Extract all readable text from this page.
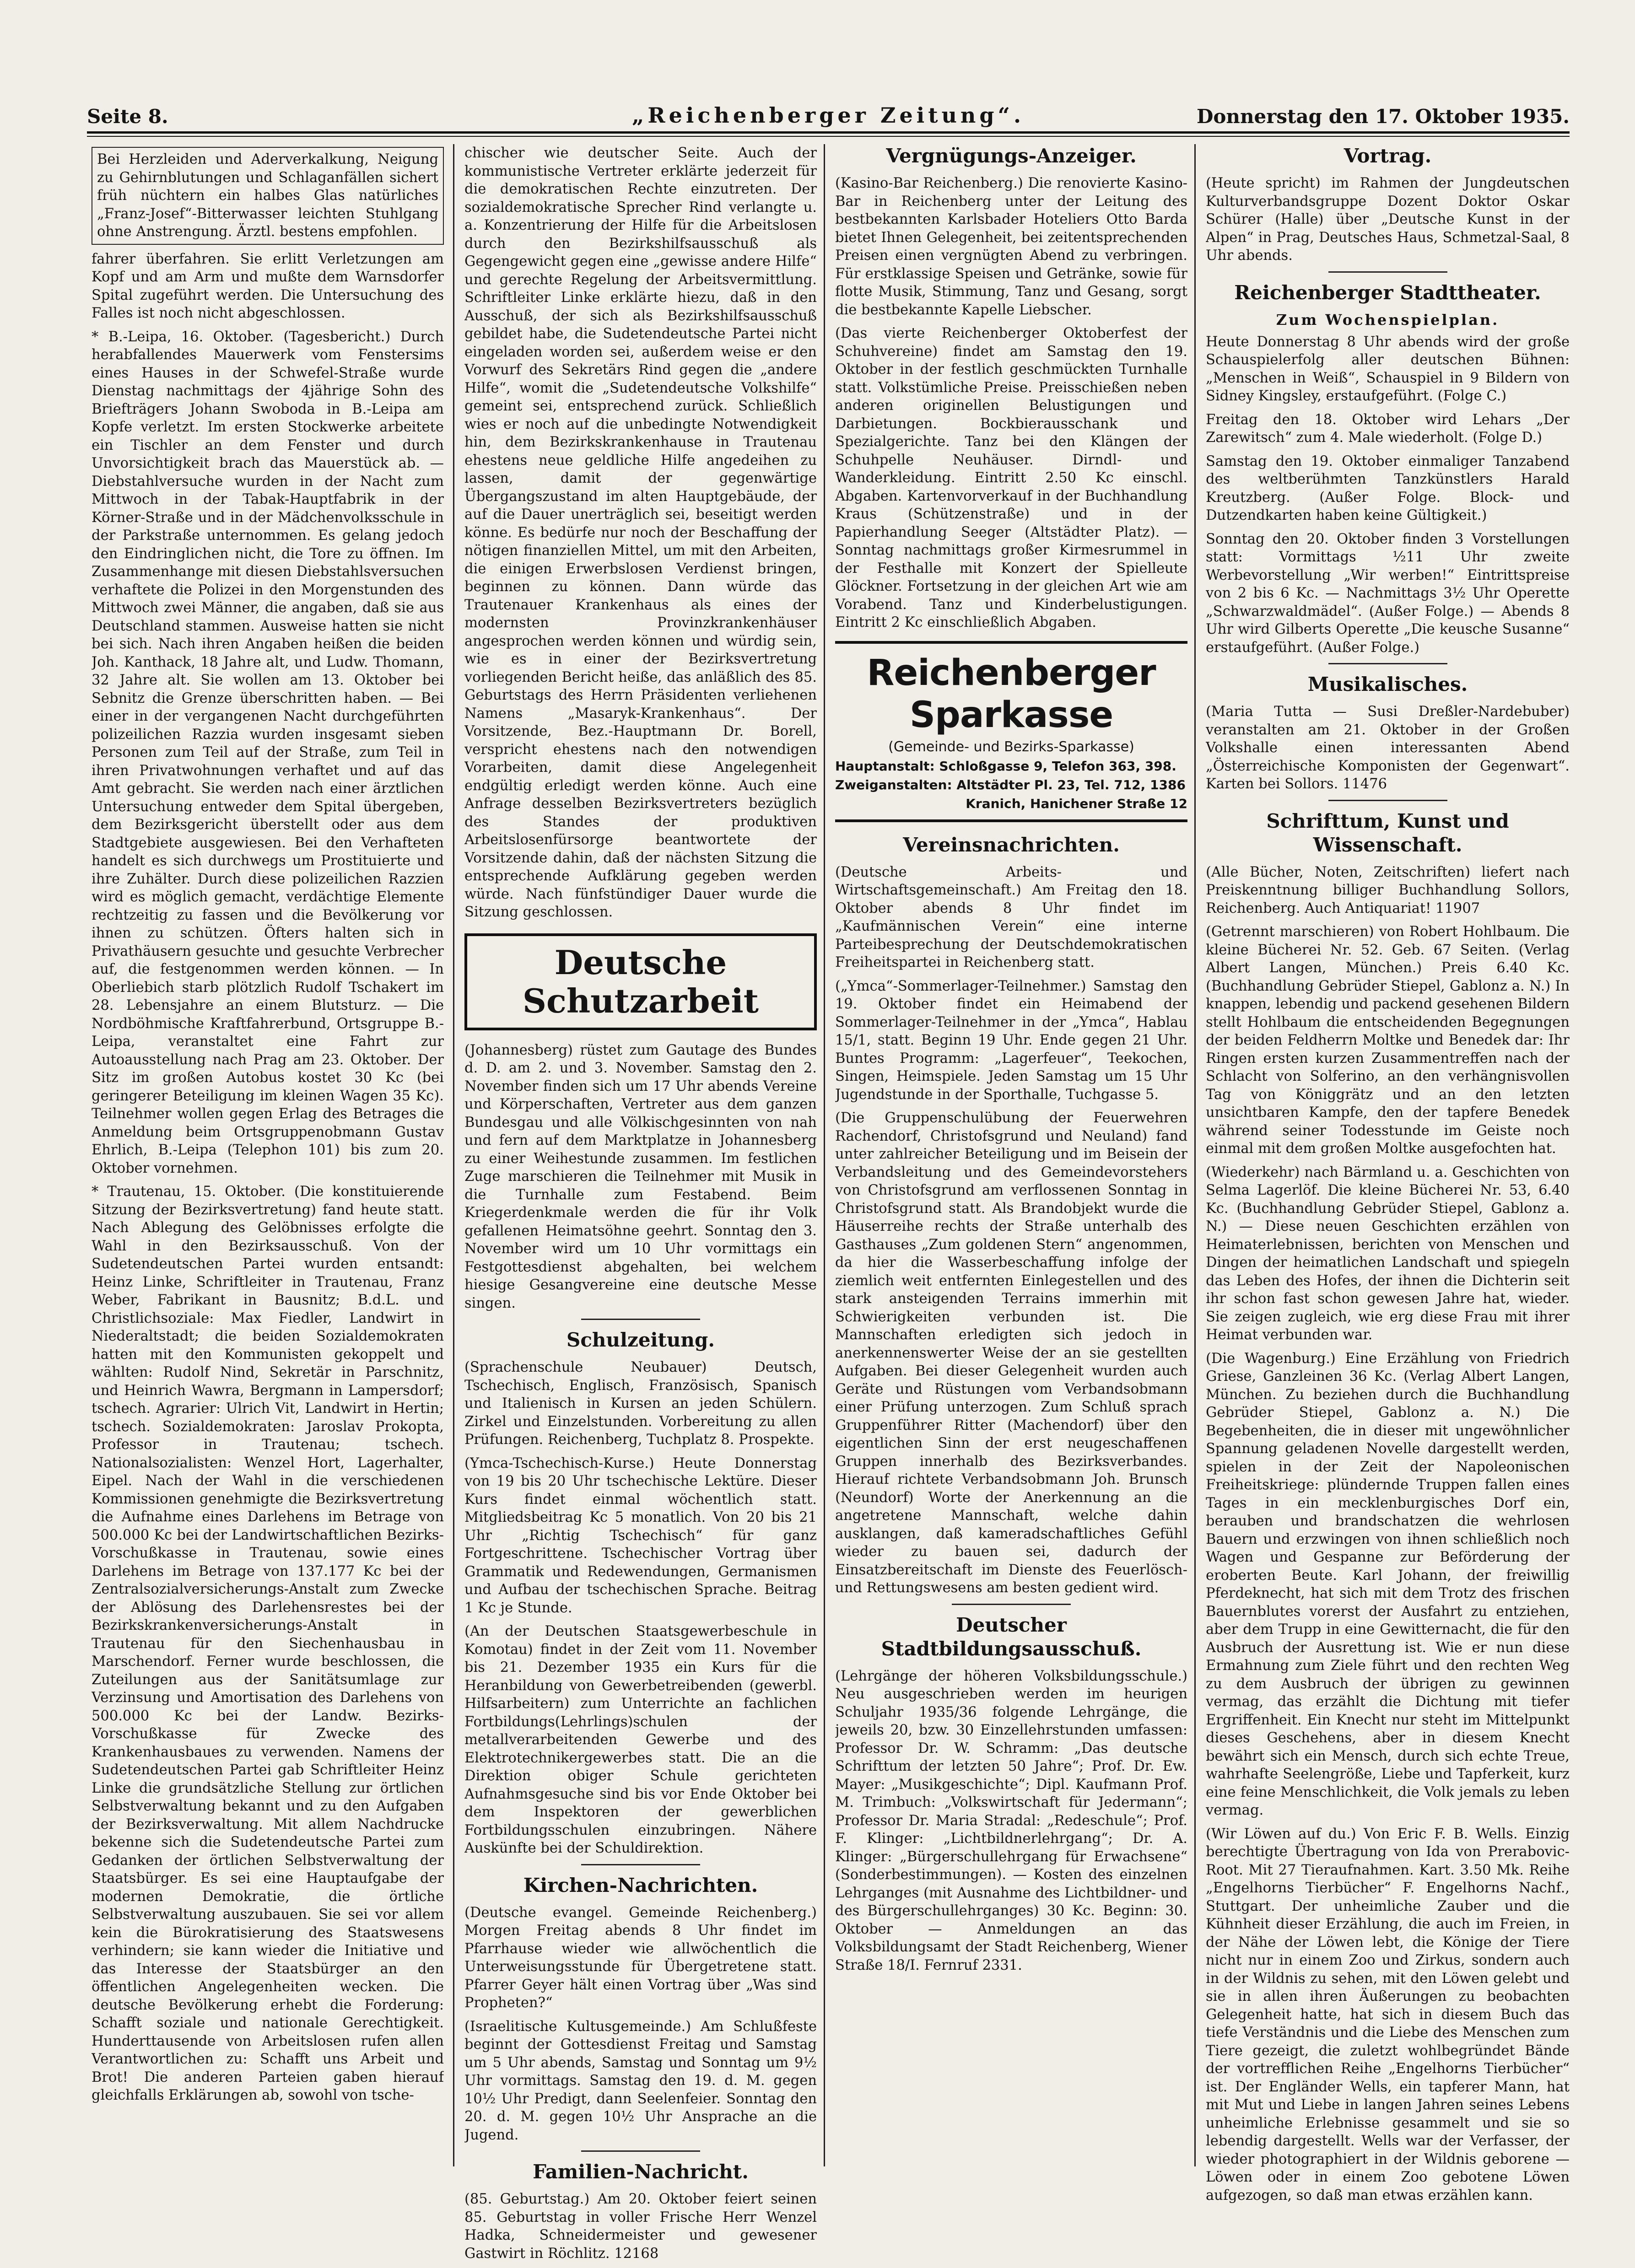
Seite 8.	„Reichenberger Zeitung“.	Donnerstag den 17. Oktober 1935.

Bei Herzleiden und Aderverkalkung, Neigung zu Gehirnblutungen und Schlaganfällen sichert früh nüchtern ein halbes Glas natürliches „Franz-Josef“-Bitterwasser leichten Stuhlgang ohne Anstrengung. Ärztl. bestens empfohlen.

fahrer überfahren. Sie erlitt Verletzungen am Kopf und am Arm und mußte dem Warnsdorfer Spital zugeführt werden. Die Untersuchung des Falles ist noch nicht abgeschlossen.

* B.-Leipa, 16. Oktober. (Tagesbericht.) Durch herabfallendes Mauerwerk vom Fenstersims eines Hauses in der Schwefel-Straße wurde Dienstag nachmittags der 4jährige Sohn des Briefträgers Johann Swoboda in B.-Leipa am Kopfe verletzt. Im ersten Stockwerke arbeitete ein Tischler an dem Fenster und durch Unvorsichtigkeit brach das Mauerstück ab. — Diebstahlversuche wurden in der Nacht zum Mittwoch in der Tabak-Hauptfabrik in der Körner-Straße und in der Mädchenvolksschule in der Parkstraße unternommen. Es gelang jedoch den Eindringlichen nicht, die Tore zu öffnen. Im Zusammenhange mit diesen Diebstahlsversuchen verhaftete die Polizei in den Morgenstunden des Mittwoch zwei Männer, die angaben, daß sie aus Deutschland stammen. Ausweise hatten sie nicht bei sich. Nach ihren Angaben heißen die beiden Joh. Kanthack, 18 Jahre alt, und Ludw. Thomann, 32 Jahre alt. Sie wollen am 13. Oktober bei Sebnitz die Grenze überschritten haben. — Bei einer in der vergangenen Nacht durchgeführten polizeilichen Razzia wurden insgesamt sieben Personen zum Teil auf der Straße, zum Teil in ihren Privatwohnungen verhaftet und auf das Amt gebracht. Sie werden nach einer ärztlichen Untersuchung entweder dem Spital übergeben, dem Bezirksgericht überstellt oder aus dem Stadtgebiete ausgewiesen. Bei den Verhafteten handelt es sich durchwegs um Prostituierte und ihre Zuhälter. Durch diese polizeilichen Razzien wird es möglich gemacht, verdächtige Elemente rechtzeitig zu fassen und die Bevölkerung vor ihnen zu schützen. Öfters halten sich in Privathäusern gesuchte und gesuchte Verbrecher auf, die festgenommen werden können. — In Oberliebich starb plötzlich Rudolf Tschakert im 28. Lebensjahre an einem Blutsturz. — Die Nordböhmische Kraftfahrerbund, Ortsgruppe B.-Leipa, veranstaltet eine Fahrt zur Autoausstellung nach Prag am 23. Oktober. Der Sitz im großen Autobus kostet 30 Kc (bei geringerer Beteiligung im kleinen Wagen 35 Kc). Teilnehmer wollen gegen Erlag des Betrages die Anmeldung beim Ortsgruppenobmann Gustav Ehrlich, B.-Leipa (Telephon 101) bis zum 20. Oktober vornehmen.

* Trautenau, 15. Oktober. (Die konstituierende Sitzung der Bezirksvertretung) fand heute statt. Nach Ablegung des Gelöbnisses erfolgte die Wahl in den Bezirksausschuß. Von der Sudetendeutschen Partei wurden entsandt: Heinz Linke, Schriftleiter in Trautenau, Franz Weber, Fabrikant in Bausnitz; B.d.L. und Christlichsoziale: Max Fiedler, Landwirt in Niederaltstadt; die beiden Sozialdemokraten hatten mit den Kommunisten gekoppelt und wählten: Rudolf Nind, Sekretär in Parschnitz, und Heinrich Wawra, Bergmann in Lampersdorf; tschech. Agrarier: Ulrich Vit, Landwirt in Hertin; tschech. Sozialdemokraten: Jaroslav Prokopta, Professor in Trautenau; tschech. Nationalsozialisten: Wenzel Hort, Lagerhalter, Eipel. Nach der Wahl in die verschiedenen Kommissionen genehmigte die Bezirksvertretung die Aufnahme eines Darlehens im Betrage von 500.000 Kc bei der Landwirtschaftlichen Bezirks-Vorschußkasse in Trautenau, sowie eines Darlehens im Betrage von 137.177 Kc bei der Zentralsozialversicherungs-Anstalt zum Zwecke der Ablösung des Darlehensrestes bei der Bezirkskrankenversicherungs-Anstalt in Trautenau für den Siechenhausbau in Marschendorf. Ferner wurde beschlossen, die Zuteilungen aus der Sanitätsumlage zur Verzinsung und Amortisation des Darlehens von 500.000 Kc bei der Landw. Bezirks-Vorschußkasse für Zwecke des Krankenhausbaues zu verwenden. Namens der Sudetendeutschen Partei gab Schriftleiter Heinz Linke die grundsätzliche Stellung zur örtlichen Selbstverwaltung bekannt und zu den Aufgaben der Bezirksverwaltung. Mit allem Nachdrucke bekenne sich die Sudetendeutsche Partei zum Gedanken der örtlichen Selbstverwaltung der Staatsbürger. Es sei eine Hauptaufgabe der modernen Demokratie, die örtliche Selbstverwaltung auszubauen. Sie sei vor allem kein die Bürokratisierung des Staatswesens verhindern; sie kann wieder die Initiative und das Interesse der Staatsbürger an den öffentlichen Angelegenheiten wecken. Die deutsche Bevölkerung erhebt die Forderung: Schafft soziale und nationale Gerechtigkeit. Hunderttausende von Arbeitslosen rufen allen Verantwortlichen zu: Schafft uns Arbeit und Brot! Die anderen Parteien gaben hierauf gleichfalls Erklärungen ab, sowohl von tsche-

chischer wie deutscher Seite. Auch der kommunistische Vertreter erklärte jederzeit für die demokratischen Rechte einzutreten. Der sozialdemokratische Sprecher Rind verlangte u. a. Konzentrierung der Hilfe für die Arbeitslosen durch den Bezirkshilfsausschuß als Gegengewicht gegen eine „gewisse andere Hilfe“ und gerechte Regelung der Arbeitsvermittlung. Schriftleiter Linke erklärte hiezu, daß in den Ausschuß, der sich als Bezirkshilfsausschuß gebildet habe, die Sudetendeutsche Partei nicht eingeladen worden sei, außerdem weise er den Vorwurf des Sekretärs Rind gegen die „andere Hilfe“, womit die „Sudetendeutsche Volkshilfe“ gemeint sei, entsprechend zurück. Schließlich wies er noch auf die unbedingte Notwendigkeit hin, dem Bezirkskrankenhause in Trautenau ehestens neue geldliche Hilfe angedeihen zu lassen, damit der gegenwärtige Übergangszustand im alten Hauptgebäude, der auf die Dauer unerträglich sei, beseitigt werden könne. Es bedürfe nur noch der Beschaffung der nötigen finanziellen Mittel, um mit den Arbeiten, die einigen Erwerbslosen Verdienst bringen, beginnen zu können. Dann würde das Trautenauer Krankenhaus als eines der modernsten Provinzkrankenhäuser angesprochen werden können und würdig sein, wie es in einer der Bezirksvertretung vorliegenden Bericht heiße, das anläßlich des 85. Geburtstags des Herrn Präsidenten verliehenen Namens „Masaryk-Krankenhaus“. Der Vorsitzende, Bez.-Hauptmann Dr. Borell, verspricht ehestens nach den notwendigen Vorarbeiten, damit diese Angelegenheit endgültig erledigt werden könne. Auch eine Anfrage desselben Bezirksvertreters bezüglich des Standes der produktiven Arbeitslosenfürsorge beantwortete der Vorsitzende dahin, daß der nächsten Sitzung die entsprechende Aufklärung gegeben werden würde. Nach fünfstündiger Dauer wurde die Sitzung geschlossen.

Deutsche Schutzarbeit

(Johannesberg) rüstet zum Gautage des Bundes d. D. am 2. und 3. November. Samstag den 2. November finden sich um 17 Uhr abends Vereine und Körperschaften, Vertreter aus dem ganzen Bundesgau und alle Völkischgesinnten von nah und fern auf dem Marktplatze in Johannesberg zu einer Weihestunde zusammen. Im festlichen Zuge marschieren die Teilnehmer mit Musik in die Turnhalle zum Festabend. Beim Kriegerdenkmale werden die für ihr Volk gefallenen Heimatsöhne geehrt. Sonntag den 3. November wird um 10 Uhr vormittags ein Festgottesdienst abgehalten, bei welchem hiesige Gesangvereine eine deutsche Messe singen.

Schulzeitung.

(Sprachenschule Neubauer) Deutsch, Tschechisch, Englisch, Französisch, Spanisch und Italienisch in Kursen an jeden Schülern. Zirkel und Einzelstunden. Vorbereitung zu allen Prüfungen. Reichenberg, Tuchplatz 8. Prospekte.

(Ymca-Tschechisch-Kurse.) Heute Donnerstag von 19 bis 20 Uhr tschechische Lektüre. Dieser Kurs findet einmal wöchentlich statt. Mitgliedsbeitrag Kc 5 monatlich. Von 20 bis 21 Uhr „Richtig Tschechisch“ für ganz Fortgeschrittene. Tschechischer Vortrag über Grammatik und Redewendungen, Germanismen und Aufbau der tschechischen Sprache. Beitrag 1 Kc je Stunde.

(An der Deutschen Staatsgewerbeschule in Komotau) findet in der Zeit vom 11. November bis 21. Dezember 1935 ein Kurs für die Heranbildung von Gewerbetreibenden (gewerbl. Hilfsarbeitern) zum Unterrichte an fachlichen Fortbildungs(Lehrlings)schulen der metallverarbeitenden Gewerbe und des Elektrotechnikergewerbes statt. Die an die Direktion obiger Schule gerichteten Aufnahmsgesuche sind bis vor Ende Oktober bei dem Inspektoren der gewerblichen Fortbildungsschulen einzubringen. Nähere Auskünfte bei der Schuldirektion.

Kirchen-Nachrichten.

(Deutsche evangel. Gemeinde Reichenberg.) Morgen Freitag abends 8 Uhr findet im Pfarrhause wieder wie allwöchentlich die Unterweisungsstunde für Übergetretene statt. Pfarrer Geyer hält einen Vortrag über „Was sind Propheten?“

(Israelitische Kultusgemeinde.) Am Schlußfeste beginnt der Gottesdienst Freitag und Samstag um 5 Uhr abends, Samstag und Sonntag um 9½ Uhr vormittags. Samstag den 19. d. M. gegen 10½ Uhr Predigt, dann Seelenfeier. Sonntag den 20. d. M. gegen 10½ Uhr Ansprache an die Jugend.

Familien-Nachricht.

(85. Geburtstag.) Am 20. Oktober feiert seinen 85. Geburtstag in voller Frische Herr Wenzel Hadka, Schneidermeister und gewesener Gastwirt in Röchlitz. 12168

Vergnügungs-Anzeiger.

(Kasino-Bar Reichenberg.) Die renovierte Kasino-Bar in Reichenberg unter der Leitung des bestbekannten Karlsbader Hoteliers Otto Barda bietet Ihnen Gelegenheit, bei zeitentsprechenden Preisen einen vergnügten Abend zu verbringen. Für erstklassige Speisen und Getränke, sowie für flotte Musik, Stimmung, Tanz und Gesang, sorgt die bestbekannte Kapelle Liebscher.

(Das vierte Reichenberger Oktoberfest der Schuhvereine) findet am Samstag den 19. Oktober in der festlich geschmückten Turnhalle statt. Volkstümliche Preise. Preisschießen neben anderen originellen Belustigungen und Darbietungen. Bockbierausschank und Spezialgerichte. Tanz bei den Klängen der Schuhpelle Neuhäuser. Dirndl- und Wanderkleidung. Eintritt 2.50 Kc einschl. Abgaben. Kartenvorverkauf in der Buchhandlung Kraus (Schützenstraße) und in der Papierhandlung Seeger (Altstädter Platz). — Sonntag nachmittags großer Kirmesrummel in der Festhalle mit Konzert der Spielleute Glöckner. Fortsetzung in der gleichen Art wie am Vorabend. Tanz und Kinderbelustigungen. Eintritt 2 Kc einschließlich Abgaben.

Reichenberger Sparkasse
(Gemeinde- und Bezirks-Sparkasse)
Hauptanstalt: Schloßgasse 9, Telefon 363, 398.
Zweiganstalten: Altstädter Pl. 23, Tel. 712, 1386
Kranich, Hanichener Straße 12
Vereinsnachrichten.

(Deutsche Arbeits- und Wirtschaftsgemeinschaft.) Am Freitag den 18. Oktober abends 8 Uhr findet im „Kaufmännischen Verein“ eine interne Parteibesprechung der Deutschdemokratischen Freiheitspartei in Reichenberg statt.

(„Ymca“-Sommerlager-Teilnehmer.) Samstag den 19. Oktober findet ein Heimabend der Sommerlager-Teilnehmer in der „Ymca“, Hablau 15/1, statt. Beginn 19 Uhr. Ende gegen 21 Uhr. Buntes Programm: „Lagerfeuer“, Teekochen, Singen, Heimspiele. Jeden Samstag um 15 Uhr Jugendstunde in der Sporthalle, Tuchgasse 5.

(Die Gruppenschulübung der Feuerwehren Rachendorf, Christofsgrund und Neuland) fand unter zahlreicher Beteiligung und im Beisein der Verbandsleitung und des Gemeindevorstehers von Christofsgrund am verflossenen Sonntag in Christofsgrund statt. Als Brandobjekt wurde die Häuserreihe rechts der Straße unterhalb des Gasthauses „Zum goldenen Stern“ angenommen, da hier die Wasserbeschaffung infolge der ziemlich weit entfernten Einlegestellen und des stark ansteigenden Terrains immerhin mit Schwierigkeiten verbunden ist. Die Mannschaften erledigten sich jedoch in anerkennenswerter Weise der an sie gestellten Aufgaben. Bei dieser Gelegenheit wurden auch Geräte und Rüstungen vom Verbandsobmann einer Prüfung unterzogen. Zum Schluß sprach Gruppenführer Ritter (Machendorf) über den eigentlichen Sinn der erst neugeschaffenen Gruppen innerhalb des Bezirksverbandes. Hierauf richtete Verbandsobmann Joh. Brunsch (Neundorf) Worte der Anerkennung an die angetretene Mannschaft, welche dahin ausklangen, daß kameradschaftliches Gefühl wieder zu bauen sei, dadurch der Einsatzbereitschaft im Dienste des Feuerlösch- und Rettungswesens am besten gedient wird.

Deutscher Stadtbildungsausschuß.

(Lehrgänge der höheren Volksbildungsschule.) Neu ausgeschrieben werden im heurigen Schuljahr 1935/36 folgende Lehrgänge, die jeweils 20, bzw. 30 Einzellehrstunden umfassen: Professor Dr. W. Schramm: „Das deutsche Schrifttum der letzten 50 Jahre“; Prof. Dr. Ew. Mayer: „Musikgeschichte“; Dipl. Kaufmann Prof. M. Trimbuch: „Volkswirtschaft für Jedermann“; Professor Dr. Maria Stradal: „Redeschule“; Prof. F. Klinger: „Lichtbildnerlehrgang“; Dr. A. Klinger: „Bürgerschullehrgang für Erwachsene“ (Sonderbestimmungen). — Kosten des einzelnen Lehrganges (mit Ausnahme des Lichtbildner- und des Bürgerschullehrganges) 30 Kc. Beginn: 30. Oktober — Anmeldungen an das Volksbildungsamt der Stadt Reichenberg, Wiener Straße 18/I. Fernruf 2331.

Vortrag.

(Heute spricht) im Rahmen der Jungdeutschen Kulturverbandsgruppe Dozent Doktor Oskar Schürer (Halle) über „Deutsche Kunst in der Alpen“ in Prag, Deutsches Haus, Schmetzal-Saal, 8 Uhr abends.

Reichenberger Stadttheater.
Zum Wochenspielplan.

Heute Donnerstag 8 Uhr abends wird der große Schauspielerfolg aller deutschen Bühnen: „Menschen in Weiß“, Schauspiel in 9 Bildern von Sidney Kingsley, erstaufgeführt. (Folge C.)

Freitag den 18. Oktober wird Lehars „Der Zarewitsch“ zum 4. Male wiederholt. (Folge D.)

Samstag den 19. Oktober einmaliger Tanzabend des weltberühmten Tanzkünstlers Harald Kreutzberg. (Außer Folge. Block- und Dutzendkarten haben keine Gültigkeit.)

Sonntag den 20. Oktober finden 3 Vorstellungen statt: Vormittags ½11 Uhr zweite Werbevorstellung „Wir werben!“ Eintrittspreise von 2 bis 6 Kc. — Nachmittags 3½ Uhr Operette „Schwarzwaldmädel“. (Außer Folge.) — Abends 8 Uhr wird Gilberts Operette „Die keusche Susanne“ erstaufgeführt. (Außer Folge.)

Musikalisches.

(Maria Tutta — Susi Dreßler-Nardebuber) veranstalten am 21. Oktober in der Großen Volkshalle einen interessanten Abend „Österreichische Komponisten der Gegenwart“. Karten bei Sollors. 11476

Schrifttum, Kunst und Wissenschaft.

(Alle Bücher, Noten, Zeitschriften) liefert nach Preiskenntnung billiger Buchhandlung Sollors, Reichenberg. Auch Antiquariat! 11907

(Getrennt marschieren) von Robert Hohlbaum. Die kleine Bücherei Nr. 52. Geb. 67 Seiten. (Verlag Albert Langen, München.) Preis 6.40 Kc. (Buchhandlung Gebrüder Stiepel, Gablonz a. N.) In knappen, lebendig und packend gesehenen Bildern stellt Hohlbaum die entscheidenden Begegnungen der beiden Feldherrn Moltke und Benedek dar: Ihr Ringen ersten kurzen Zusammentreffen nach der Schlacht von Solferino, an den verhängnisvollen Tag von Königgrätz und an den letzten unsichtbaren Kampfe, den der tapfere Benedek während seiner Todesstunde im Geiste noch einmal mit dem großen Moltke ausgefochten hat.

(Wiederkehr) nach Bärmland u. a. Geschichten von Selma Lagerlöf. Die kleine Bücherei Nr. 53, 6.40 Kc. (Buchhandlung Gebrüder Stiepel, Gablonz a. N.) — Diese neuen Geschichten erzählen von Heimaterlebnissen, berichten von Menschen und Dingen der heimatlichen Landschaft und spiegeln das Leben des Hofes, der ihnen die Dichterin seit ihr schon fast schon gewesen Jahre hat, wieder. Sie zeigen zugleich, wie erg diese Frau mit ihrer Heimat verbunden war.

(Die Wagenburg.) Eine Erzählung von Friedrich Griese, Ganzleinen 36 Kc. (Verlag Albert Langen, München. Zu beziehen durch die Buchhandlung Gebrüder Stiepel, Gablonz a. N.) Die Begebenheiten, die in dieser mit ungewöhnlicher Spannung geladenen Novelle dargestellt werden, spielen in der Zeit der Napoleonischen Freiheitskriege: plündernde Truppen fallen eines Tages in ein mecklenburgisches Dorf ein, berauben und brandschatzen die wehrlosen Bauern und erzwingen von ihnen schließlich noch Wagen und Gespanne zur Beförderung der eroberten Beute. Karl Johann, der freiwillig Pferdeknecht, hat sich mit dem Trotz des frischen Bauernblutes vorerst der Ausfahrt zu entziehen, aber dem Trupp in eine Gewitternacht, die für den Ausbruch der Ausrettung ist. Wie er nun diese Ermahnung zum Ziele führt und den rechten Weg zu dem Ausbruch der übrigen zu gewinnen vermag, das erzählt die Dichtung mit tiefer Ergriffenheit. Ein Knecht nur steht im Mittelpunkt dieses Geschehens, aber in diesem Knecht bewährt sich ein Mensch, durch sich echte Treue, wahrhafte Seelengröße, Liebe und Tapferkeit, kurz eine feine Menschlichkeit, die Volk jemals zu leben vermag.

(Wir Löwen auf du.) Von Eric F. B. Wells. Einzig berechtigte Übertragung von Ida von Prerabovic-Root. Mit 27 Tieraufnahmen. Kart. 3.50 Mk. Reihe „Engelhorns Tierbücher“ F. Engelhorns Nachf., Stuttgart. Der unheimliche Zauber und die Kühnheit dieser Erzählung, die auch im Freien, in der Nähe der Löwen lebt, die Könige der Tiere nicht nur in einem Zoo und Zirkus, sondern auch in der Wildnis zu sehen, mit den Löwen gelebt und sie in allen ihren Äußerungen zu beobachten Gelegenheit hatte, hat sich in diesem Buch das tiefe Verständnis und die Liebe des Menschen zum Tiere gezeigt, die zuletzt wohlbegründet Bände der vortrefflichen Reihe „Engelhorns Tierbücher“ ist. Der Engländer Wells, ein tapferer Mann, hat mit Mut und Liebe in langen Jahren seines Lebens unheimliche Erlebnisse gesammelt und sie so lebendig dargestellt. Wells war der Verfasser, der wieder photographiert in der Wildnis geborene — Löwen oder in einem Zoo gebotene Löwen aufgezogen, so daß man etwas erzählen kann.
